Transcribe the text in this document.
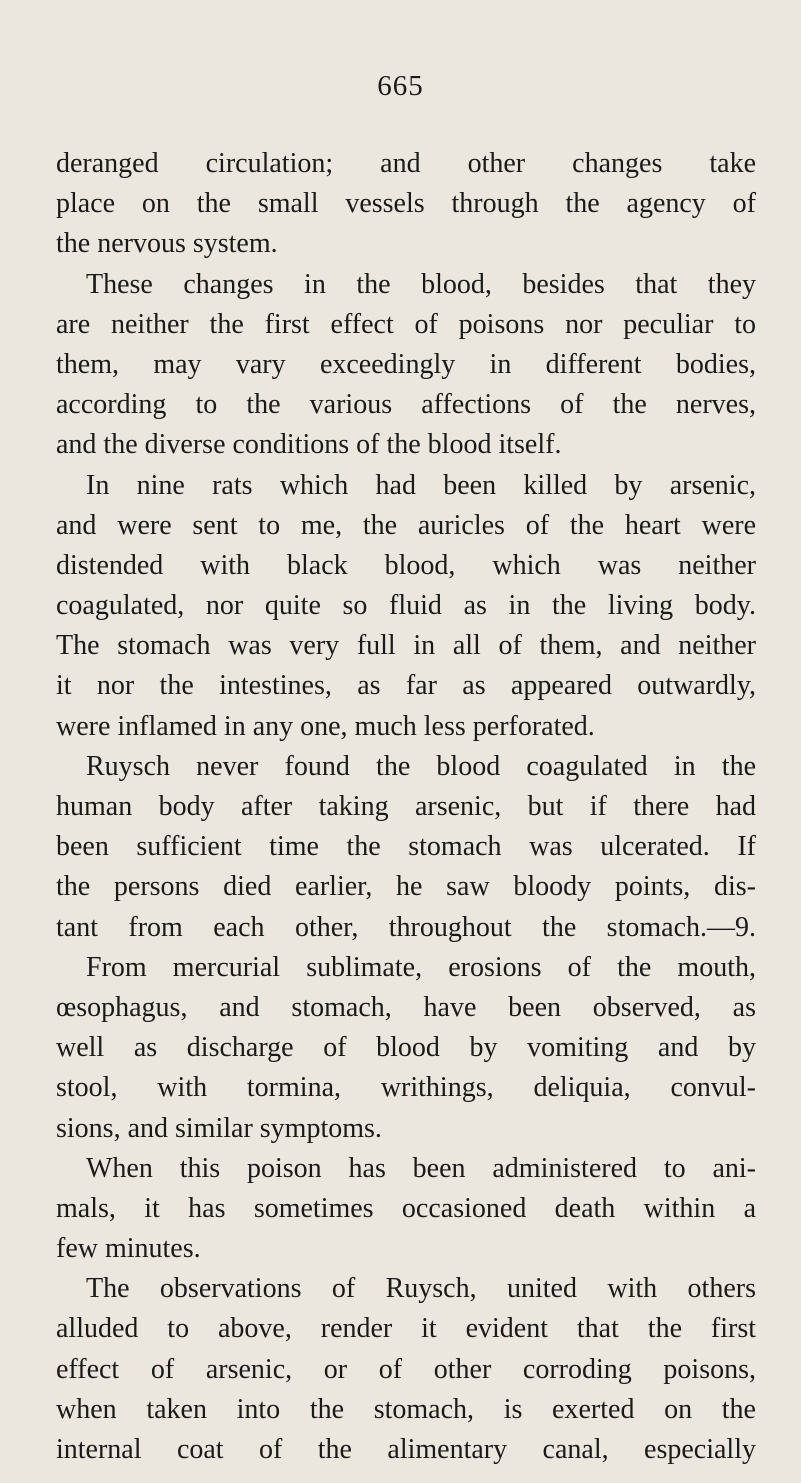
665
deranged circulation; and other changes take
place on the small vessels through the agency of
the nervous system.
These changes in the blood, besides that they
are neither the first effect of poisons nor peculiar to
them, may vary exceedingly in different bodies,
according to the various affections of the nerves,
and the diverse conditions of the blood itself.
In nine rats which had been killed by arsenic,
and were sent to me, the auricles of the heart were
distended with black blood, which was neither
coagulated, nor quite so fluid as in the living body.
The stomach was very full in all of them, and neither
it nor the intestines, as far as appeared outwardly,
were inflamed in any one, much less perforated.
Ruysch never found the blood coagulated in the
human body after taking arsenic, but if there had
been sufficient time the stomach was ulcerated. If
the persons died earlier, he saw bloody points, dis-
tant from each other, throughout the stomach.—9.
From mercurial sublimate, erosions of the mouth,
œsophagus, and stomach, have been observed, as
well as discharge of blood by vomiting and by
stool, with tormina, writhings, deliquia, convul-
sions, and similar symptoms.
When this poison has been administered to ani-
mals, it has sometimes occasioned death within a
few minutes.
The observations of Ruysch, united with others
alluded to above, render it evident that the first
effect of arsenic, or of other corroding poisons,
when taken into the stomach, is exerted on the
internal coat of the alimentary canal, especially
